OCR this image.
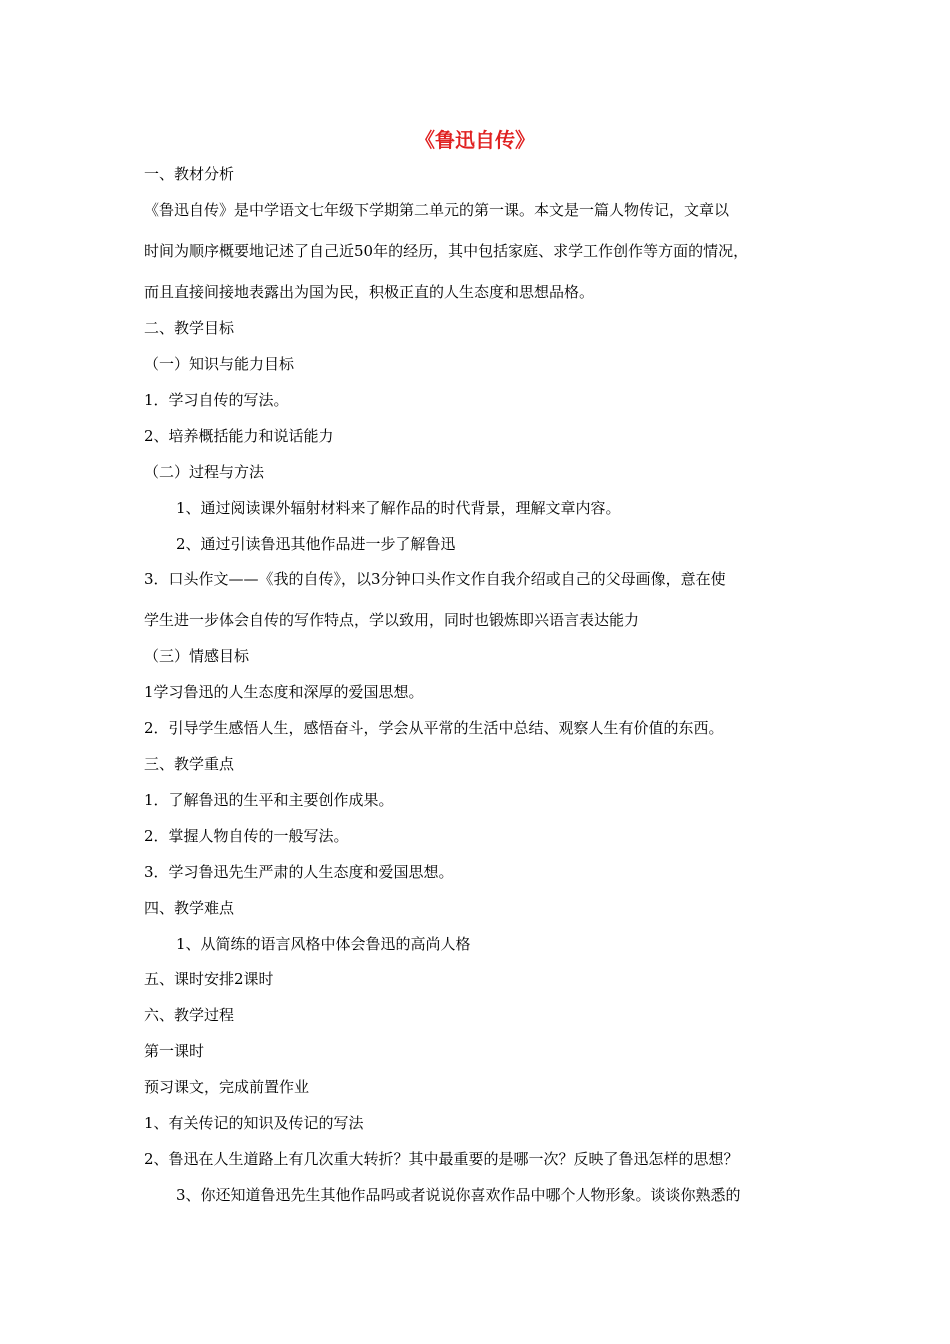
《鲁迅自传》
一、教材分析
《鲁迅自传》是中学语文七年级下学期第二单元的第一课。本文是一篇人物传记，文章以
时间为顺序概要地记述了自己近50年的经历，其中包括家庭、求学工作创作等方面的情况，
而且直接间接地表露出为国为民，积极正直的人生态度和思想品格。
二、教学目标
（一）知识与能力目标
1．学习自传的写法。
2、培养概括能力和说话能力
（二）过程与方法
1、通过阅读课外辐射材料来了解作品的时代背景，理解文章内容。
2、通过引读鲁迅其他作品进一步了解鲁迅
3．口头作文——《我的自传》，以3分钟口头作文作自我介绍或自己的父母画像，意在使
学生进一步体会自传的写作特点，学以致用，同时也锻炼即兴语言表达能力
（三）情感目标
1学习鲁迅的人生态度和深厚的爱国思想。
2．引导学生感悟人生，感悟奋斗，学会从平常的生活中总结、观察人生有价值的东西。
三、教学重点
1．了解鲁迅的生平和主要创作成果。
2．掌握人物自传的一般写法。
3．学习鲁迅先生严肃的人生态度和爱国思想。
四、教学难点
1、从简练的语言风格中体会鲁迅的高尚人格
五、课时安排2课时
六、教学过程
第一课时
预习课文，完成前置作业
1、有关传记的知识及传记的写法
2、鲁迅在人生道路上有几次重大转折？其中最重要的是哪一次？反映了鲁迅怎样的思想？
3、你还知道鲁迅先生其他作品吗或者说说你喜欢作品中哪个人物形象。谈谈你熟悉的
